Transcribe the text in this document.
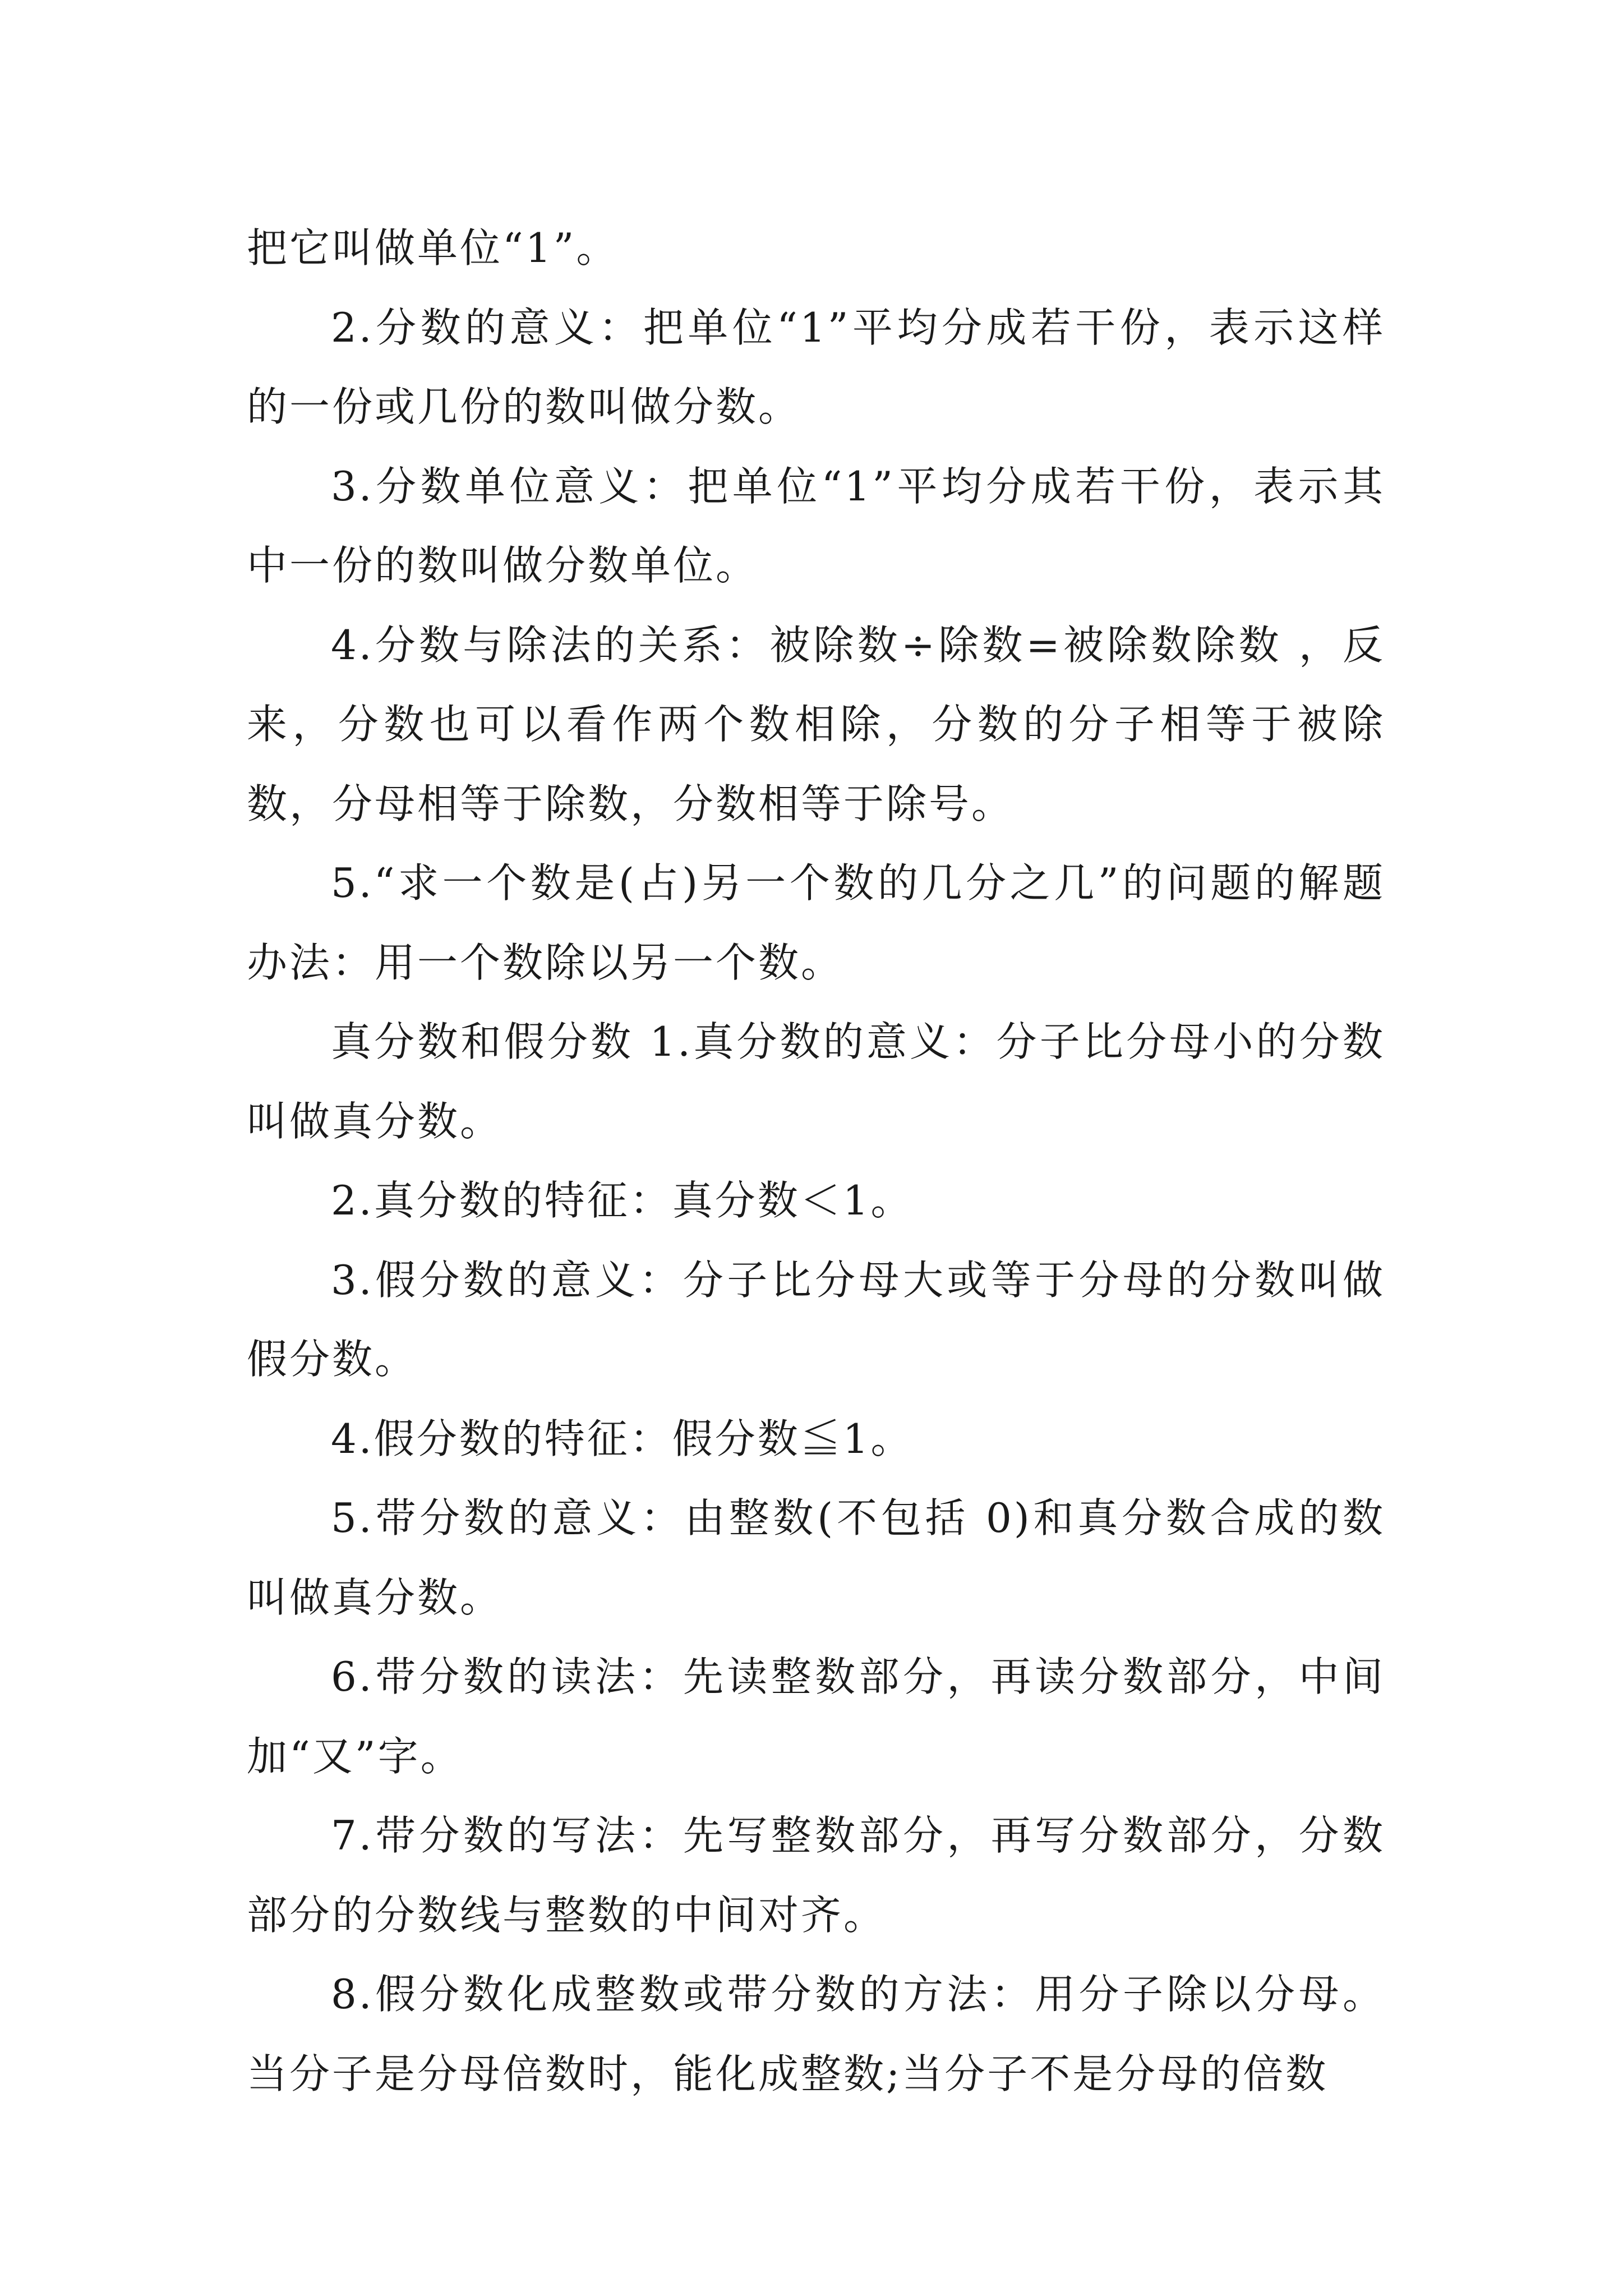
把它叫做单位“1”。

2.分数的意义：把单位“1”平均分成若干份，表示这样的一份或几份的数叫做分数。

3.分数单位意义：把单位“1”平均分成若干份，表示其中一份的数叫做分数单位。

4.分数与除法的关系：被除数÷除数=被除数除数 ，反来，分数也可以看作两个数相除，分数的分子相等于被除数，分母相等于除数，分数相等于除号。

5.“求一个数是(占)另一个数的几分之几”的问题的解题办法：用一个数除以另一个数。

真分数和假分数 1.真分数的意义：分子比分母小的分数叫做真分数。

2.真分数的特征：真分数＜1。

3.假分数的意义：分子比分母大或等于分母的分数叫做假分数。

4.假分数的特征：假分数≦1。

5.带分数的意义：由整数(不包括 0)和真分数合成的数叫做真分数。

6.带分数的读法：先读整数部分，再读分数部分，中间加“又”字。

7.带分数的写法：先写整数部分，再写分数部分，分数部分的分数线与整数的中间对齐。

8.假分数化成整数或带分数的方法：用分子除以分母。当分子是分母倍数时，能化成整数;当分子不是分母的倍数
